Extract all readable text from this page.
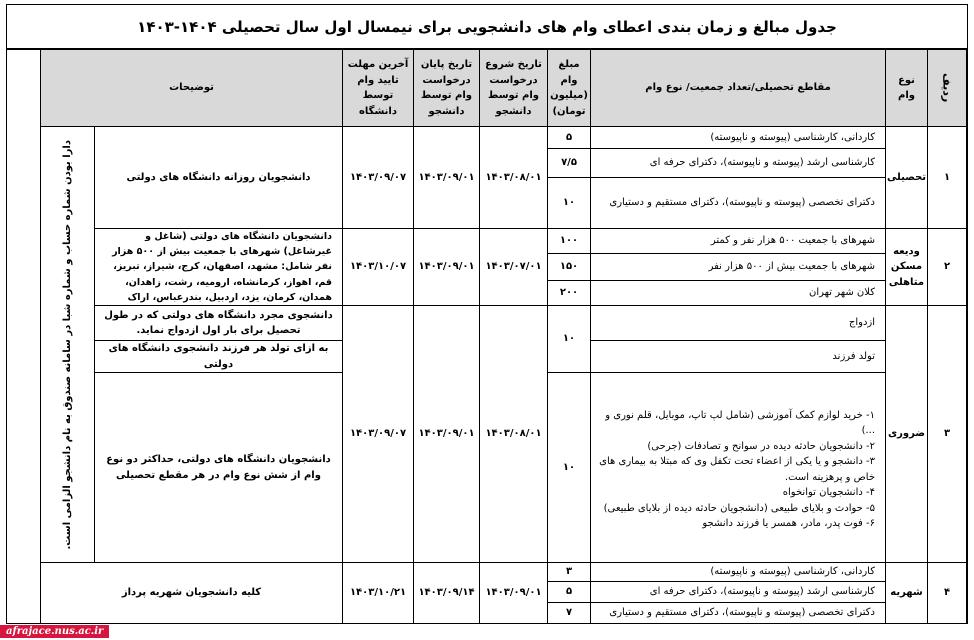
جدول مبالغ و زمان بندی اعطای وام های دانشجویی برای نیمسال اول سال تحصیلی ۱۴۰۴-۱۴۰۳
ردیف
نوع وام
مقاطع تحصیلی/تعداد جمعیت/ نوع وام
مبلغ وام (میلیون تومان)
تاریخ شروع درخواست وام توسط دانشجو
تاریخ پایان درخواست وام توسط دانشجو
آخرین مهلت تایید وام توسط دانشگاه
توضیحات
دارا بودن شماره حساب و شماره شبا در سامانه صندوق به نام دانشجو الزامی است.	۱
تحصیلی
کاردانی، کارشناسی (پیوسته و ناپیوسته)
کارشناسی ارشد (پیوسته و ناپیوسته)، دکترای حرفه ای
دکترای تخصصی (پیوسته و ناپیوسته)، دکترای مستقیم و دستیاری
۵
۷/۵
۱۰
۱۴۰۳/۰۸/۰۱
۱۴۰۳/۰۹/۰۱
۱۴۰۳/۰۹/۰۷
دانشجویان روزانه دانشگاه های دولتی
۲
ودیعه مسکن متاهلی
شهرهای با جمعیت ۵۰۰ هزار نفر و کمتر
شهرهای با جمعیت بیش از ۵۰۰ هزار نفر
کلان شهر تهران
۱۰۰
۱۵۰
۲۰۰
۱۴۰۳/۰۷/۰۱
۱۴۰۳/۰۹/۰۱
۱۴۰۳/۱۰/۰۷
دانشجویان دانشگاه های دولتی (شاغل و غیرشاغل) شهرهای با جمعیت بیش از ۵۰۰ هزار نفر شامل: مشهد، اصفهان، کرج، شیراز، تبریز، قم، اهواز، کرمانشاه، ارومیه، رشت، زاهدان، همدان، کرمان، یزد، اردبیل، بندرعباس، اراک
۳
ضروری
ازدواج
تولد فرزند
۱- خرید لوازم کمک آموزشی (شامل لپ تاپ، موبایل، قلم نوری و ...)
۲- دانشجویان حادثه دیده در سوانح و تصادفات (جرحی)
۳- دانشجو و یا یکی از اعضاء تحت تکفل وی که مبتلا به بیماری های خاص و پرهزینه است.
۴- دانشجویان توانخواه
۵- حوادث و بلایای طبیعی (دانشجویان حادثه دیده از بلایای طبیعی)
۶- فوت پدر، مادر، همسر یا فرزند دانشجو
۱۰
۱۰
۱۴۰۳/۰۸/۰۱
۱۴۰۳/۰۹/۰۱
۱۴۰۳/۰۹/۰۷
دانشجوی مجرد دانشگاه های دولتی که در طول تحصیل برای بار اول ازدواج نماید.
به ازای تولد هر فرزند دانشجوی دانشگاه های دولتی
دانشجویان دانشگاه های دولتی، حداکثر دو نوع وام از شش نوع وام در هر مقطع تحصیلی
۴
شهریه
کاردانی، کارشناسی (پیوسته و ناپیوسته)
کارشناسی ارشد (پیوسته و ناپیوسته)، دکترای حرفه ای
دکترای تخصصی (پیوسته و ناپیوسته)، دکترای مستقیم و دستیاری
۳
۵
۷
۱۴۰۳/۰۹/۰۱
۱۴۰۳/۰۹/۱۴
۱۴۰۳/۱۰/۲۱
کلیه دانشجویان شهریه پرداز
afrajace.nus.ac.ir
